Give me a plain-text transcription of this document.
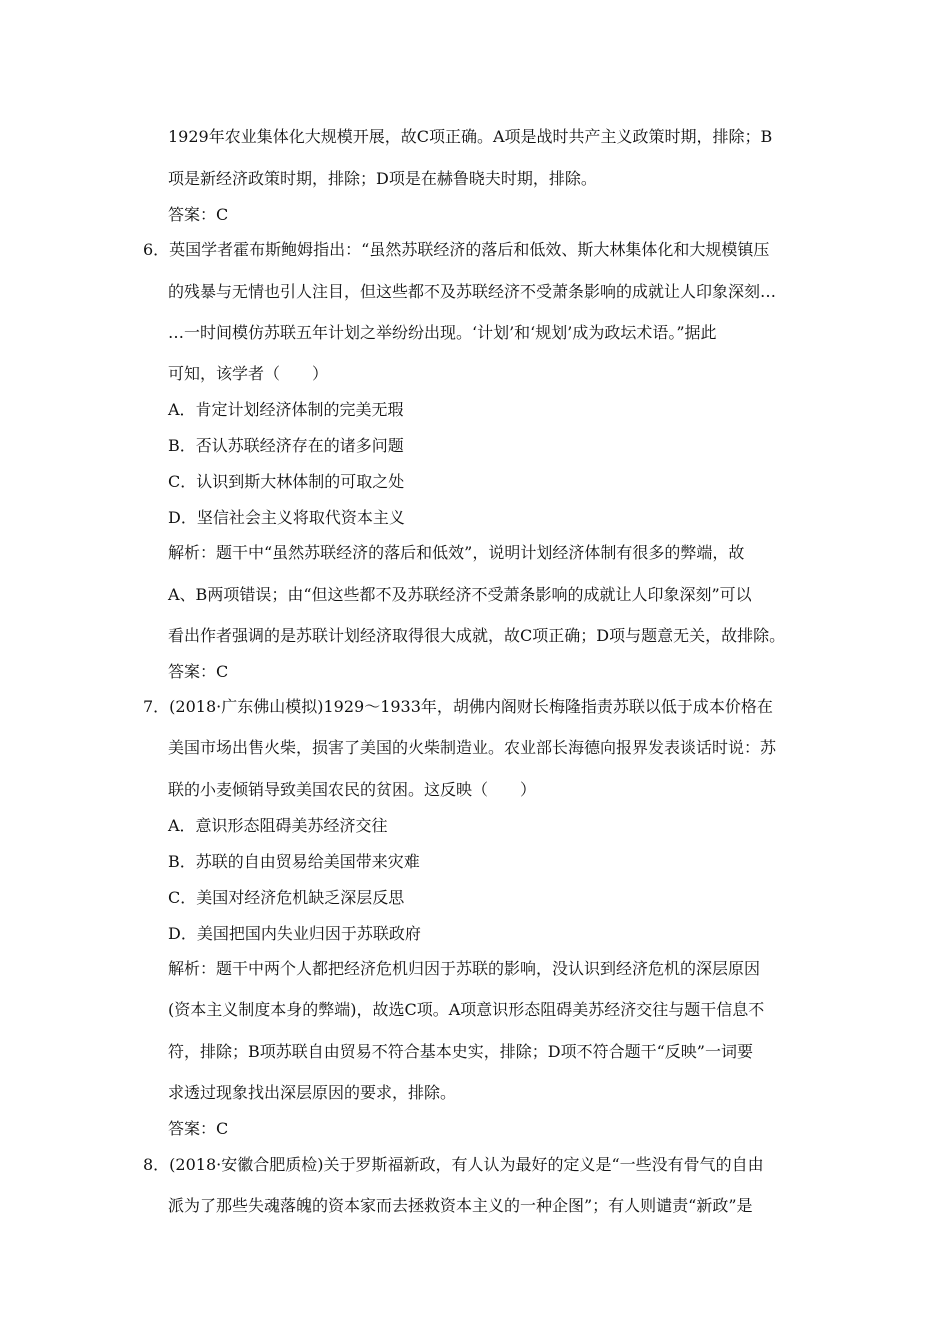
1929年农业集体化大规模开展，故C项正确。A项是战时共产主义政策时期，排除；B
项是新经济政策时期，排除；D项是在赫鲁晓夫时期，排除。
答案：C
6．英国学者霍布斯鲍姆指出：“虽然苏联经济的落后和低效、斯大林集体化和大规模镇压
的残暴与无情也引人注目，但这些都不及苏联经济不受萧条影响的成就让人印象深刻…
…一时间模仿苏联五年计划之举纷纷出现。‘计划’和‘规划’成为政坛术语。”据此
可知，该学者（　　）
A．肯定计划经济体制的完美无瑕
B．否认苏联经济存在的诸多问题
C．认识到斯大林体制的可取之处
D．坚信社会主义将取代资本主义
解析：题干中“虽然苏联经济的落后和低效”，说明计划经济体制有很多的弊端，故
A、B两项错误；由“但这些都不及苏联经济不受萧条影响的成就让人印象深刻”可以
看出作者强调的是苏联计划经济取得很大成就，故C项正确；D项与题意无关，故排除。
答案：C
7．(2018·广东佛山模拟)1929～1933年，胡佛内阁财长梅隆指责苏联以低于成本价格在
美国市场出售火柴，损害了美国的火柴制造业。农业部长海德向报界发表谈话时说：苏
联的小麦倾销导致美国农民的贫困。这反映（　　）
A．意识形态阻碍美苏经济交往
B．苏联的自由贸易给美国带来灾难
C．美国对经济危机缺乏深层反思
D．美国把国内失业归因于苏联政府
解析：题干中两个人都把经济危机归因于苏联的影响，没认识到经济危机的深层原因
(资本主义制度本身的弊端)，故选C项。A项意识形态阻碍美苏经济交往与题干信息不
符，排除；B项苏联自由贸易不符合基本史实，排除；D项不符合题干“反映”一词要
求透过现象找出深层原因的要求，排除。
答案：C
8．(2018·安徽合肥质检)关于罗斯福新政，有人认为最好的定义是“一些没有骨气的自由
派为了那些失魂落魄的资本家而去拯救资本主义的一种企图”；有人则谴责“新政”是
